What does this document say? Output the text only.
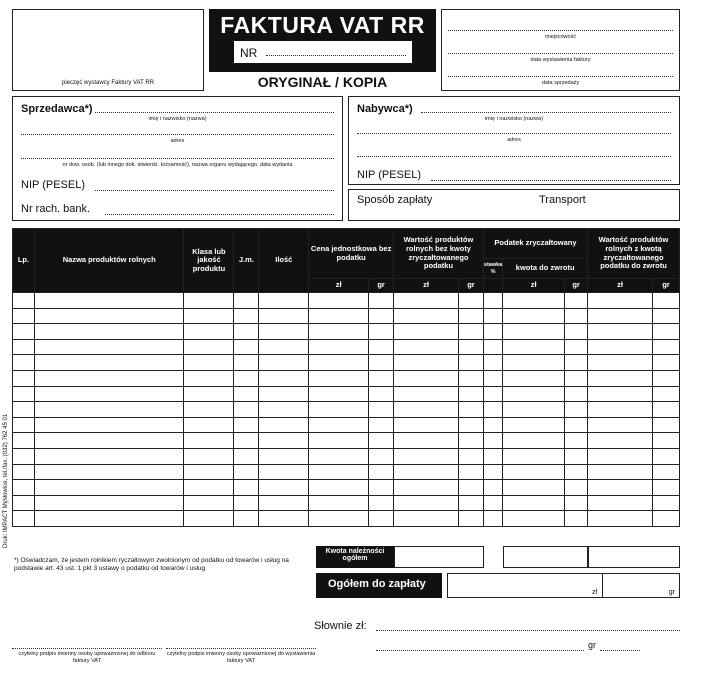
pieczęć wystawcy Faktury VAT RR
FAKTURA VAT RR
NR
ORYGINAŁ / KOPIA
miejscowość
data wystawienia faktury
data sprzedaży
Sprzedawca*)
imię i nazwisko (nazwa)
adres
nr dow. osob. (lub innego dok. stwierdz. tożsamość), nazwa organu wydającego, data wydania
NIP (PESEL)
Nr rach. bank.
Nabywca*)
imię i nazwisko (nazwa)
adres
NIP (PESEL)
Sposób zapłaty	Transport
Lp.	Nazwa produktów rolnych	Klasa lub jakość produktu	J.m.	Ilość	Cena jednostkowa bez podatku		Wartość produktów rolnych bez kwoty zryczałtowanego podatku		Podatek zryczałtowany			Wartość produktów rolnych z kwotą zryczałtowanego podatku do zwrotu	
									stawka %	kwota do zwrotu			
					zł	gr	zł	gr		zł	gr	zł	gr

Kwota należności ogółem
Druk: IMPACT Mysłowice, tel./fax. (032) 762 45 01
*) Oświadczam, że jestem rolnikiem ryczałtowym zwolnionym od podatku od towarów i usług na podstawie art. 43 ust. 1 pkt 3 ustawy o podatku od towarów i usług
Ogółem do zapłaty
zł	gr
Słownie zł:
gr
czytelny podpis imienny osoby upoważnionej do odbioru faktury VAT
czytelny podpis imienny osoby upoważnionej do wystawienia faktury VAT
